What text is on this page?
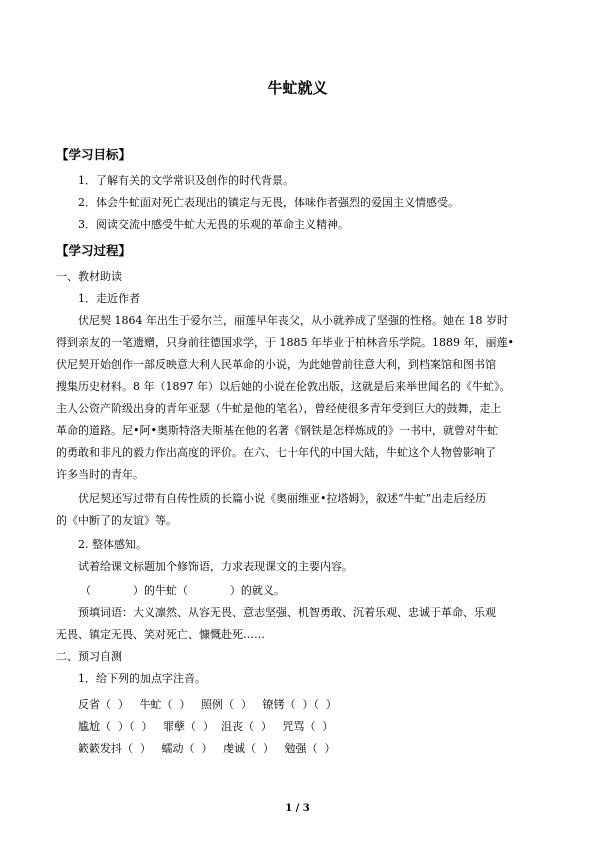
牛虻就义
【学习目标】
1．了解有关的文学常识及创作的时代背景。
2．体会牛虻面对死亡表现出的镇定与无畏，体味作者强烈的爱国主义情感受。
3．阅读交流中感受牛虻大无畏的乐观的革命主义精神。
【学习过程】
一、教材助读
1．走近作者
伏尼契 1864 年出生于爱尔兰，丽莲早年丧父，从小就养成了坚强的性格。她在 18 岁时
得到亲友的一笔遗赠，只身前往德国求学，于 1885 年毕业于柏林音乐学院。1889 年，丽莲•
伏尼契开始创作一部反映意大利人民革命的小说，为此她曾前往意大利，到档案馆和图书馆
搜集历史材料。8 年（1897 年）以后她的小说在伦敦出版，这就是后来举世闻名的《牛虻》。
主人公资产阶级出身的青年亚瑟（牛虻是他的笔名），曾经使很多青年受到巨大的鼓舞，走上
革命的道路。尼•阿•奥斯特洛夫斯基在他的名著《钢铁是怎样炼成的》一书中，就曾对牛虻
的勇敢和非凡的毅力作出高度的评价。在六、七十年代的中国大陆，牛虻这个人物曾影响了
许多当时的青年。
伏尼契还写过带有自传性质的长篇小说《奥丽维亚•拉塔姆》，叙述“牛虻”出走后经历
的《中断了的友谊》等。
2. 整体感知。
试着给课文标题加个修饰语，力求表现课文的主要内容。
（            ）的牛虻（            ）的就义。
预填词语：大义凛然、从容无畏、意志坚强、机智勇敢、沉着乐观、忠诚于革命、乐观
无畏、镇定无畏、笑对死亡、慷慨赴死……
二、预习自测
1．给下列的加点字注音。
反省（  ）   牛虻（  ）   照例（  ）   镣铐（  ）（  ）
尴尬（  ）（  ）   罪孽（  ）  沮丧（  ）   咒骂（  ）
簌簌发抖（  ）   蠕动（  ）   虔诚（  ）   勉强（  ）
1 / 3
